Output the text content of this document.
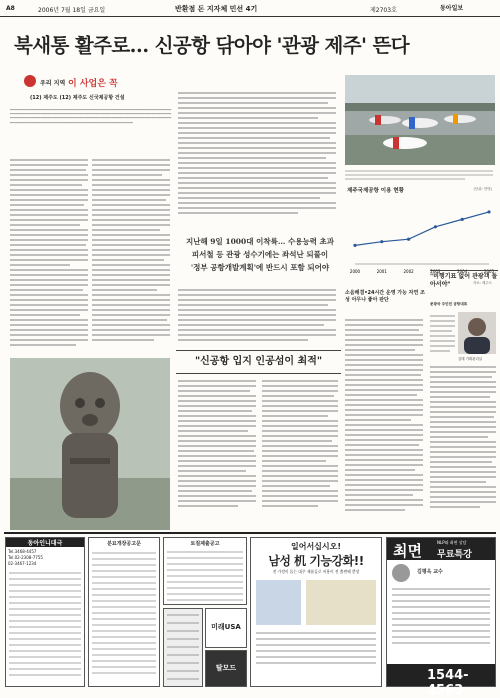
A8	2006년 7월 18일 금요일	반환점 돈 지자체 민선 4기	제2703호	동아일보
북새통 활주로… 신공항 닦아야 '관광 제주' 뜬다
우리 지역 이 사업은 꼭
(12) 제주도 (12) 제주도 신국제공항 건설
━━━━━━━━━━━━━━━━━━━━━━━━━━━━━━━━━━━━━━━━━━━━━━━━━━━━━━━━━━━━━━━━━━━━━━━━━━━━━━━━━━━━━━━━━━━━━━━━━━━━━━━━━━━━━━━━━━━━━━━━━━━━━━━━━━━━━━━━━━━━━━━━━━━━━━━━━━━━━━━━━━━━━━━━━━━━━━━━━━━━━━━━━━━━━━━━━━━━━━━━━━━━━━━━━━━━━━━━━━━━━━━━━━━━━━━━━━━━━━━━━━━━━━━━━━━━━━━━━━━━━━━━━━━━━━━━━━━━━━━━━━━━━━━━━━━━━━━━━━━━━━━━━━━━━━━━━━━━
지난해 9일 1000대 이착륙… 수용능력 초과
피서철 등 관광 성수기에는 좌석난 되풀이
'정부 공항개발계획'에 반드시 포함 되어야
"신공항 입지 인공섬이 최적"
제주국제공항 이용 현황	(단위: 만명)
2000	2001	2002	2003	2004	2005
자료: 제주도
소음해결•24시간 운영 가능 자연 조성 아무나 좋아 판단
"비행기표 없어 관광객 돌아서야"
문광국 주민민 공항대표
김태 기획관리실
동아인니대극
Tel.3468-4457
Tel.02-2308-7755
02-3467-1234
분묘개장공고문	토질제출공고
미래USA
탈모드
일어서십시오!
남성 机 기능강화!!
전 가정이 돕는 대주 제품들로 비용이 전 출면해 뿐장
최면	NLP와 최면 상담
무료특강
김평옥 교수
1544-4563
